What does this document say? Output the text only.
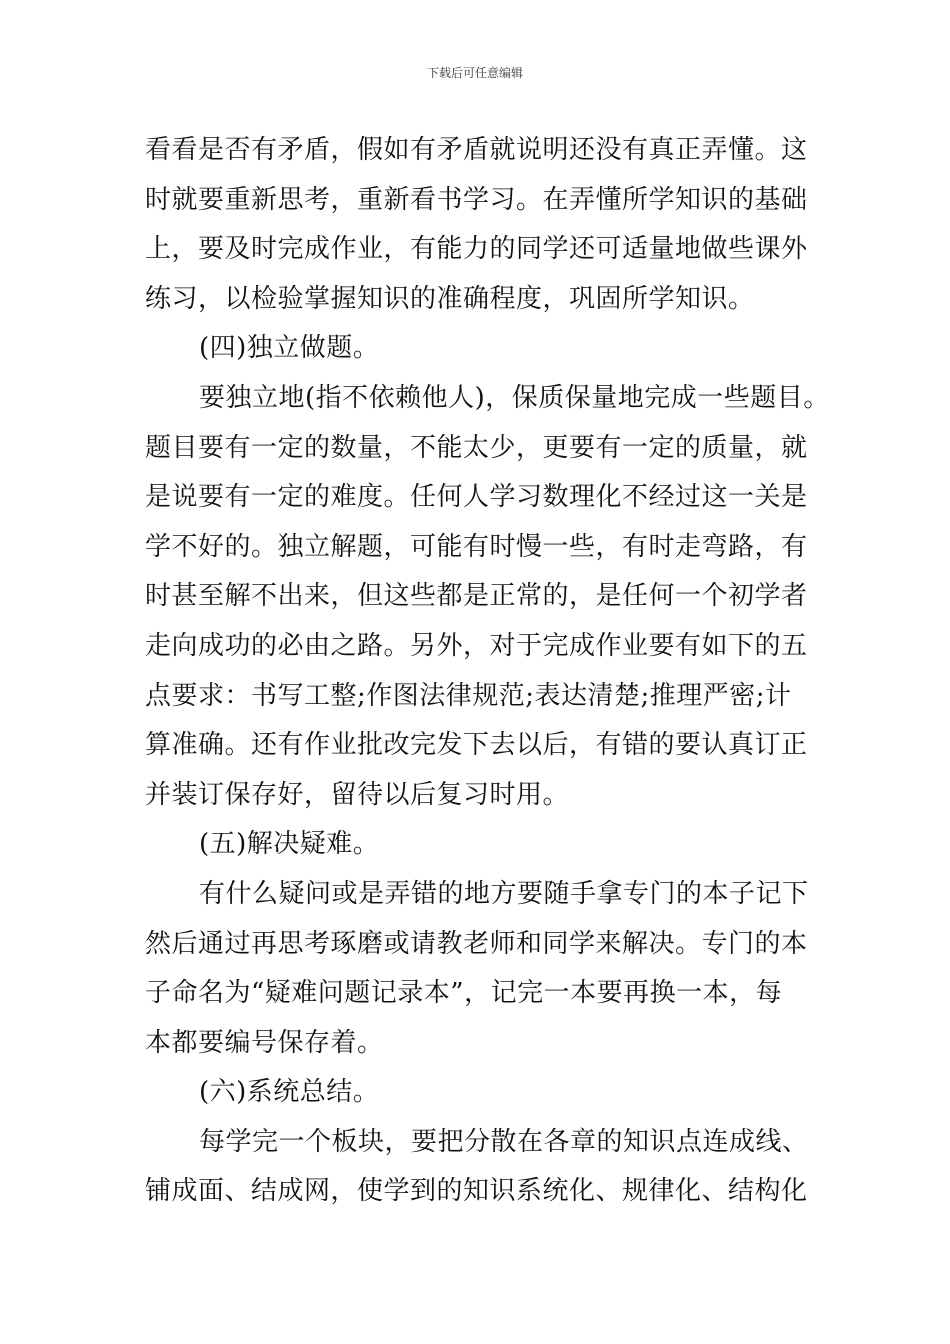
下载后可任意编辑
看看是否有矛盾，假如有矛盾就说明还没有真正弄懂。这
时就要重新思考，重新看书学习。在弄懂所学知识的基础
上，要及时完成作业，有能力的同学还可适量地做些课外
练习，以检验掌握知识的准确程度，巩固所学知识。
(四)独立做题。
要独立地(指不依赖他人)，保质保量地完成一些题目。
题目要有一定的数量，不能太少，更要有一定的质量，就
是说要有一定的难度。任何人学习数理化不经过这一关是
学不好的。独立解题，可能有时慢一些，有时走弯路，有
时甚至解不出来，但这些都是正常的，是任何一个初学者
走向成功的必由之路。另外，对于完成作业要有如下的五
点要求：书写工整;作图法律规范;表达清楚;推理严密;计
算准确。还有作业批改完发下去以后，有错的要认真订正
并装订保存好，留待以后复习时用。
(五)解决疑难。
有什么疑问或是弄错的地方要随手拿专门的本子记下
然后通过再思考琢磨或请教老师和同学来解决。专门的本
子命名为“疑难问题记录本”，记完一本要再换一本，每
本都要编号保存着。
(六)系统总结。
每学完一个板块，要把分散在各章的知识点连成线、
铺成面、结成网，使学到的知识系统化、规律化、结构化
